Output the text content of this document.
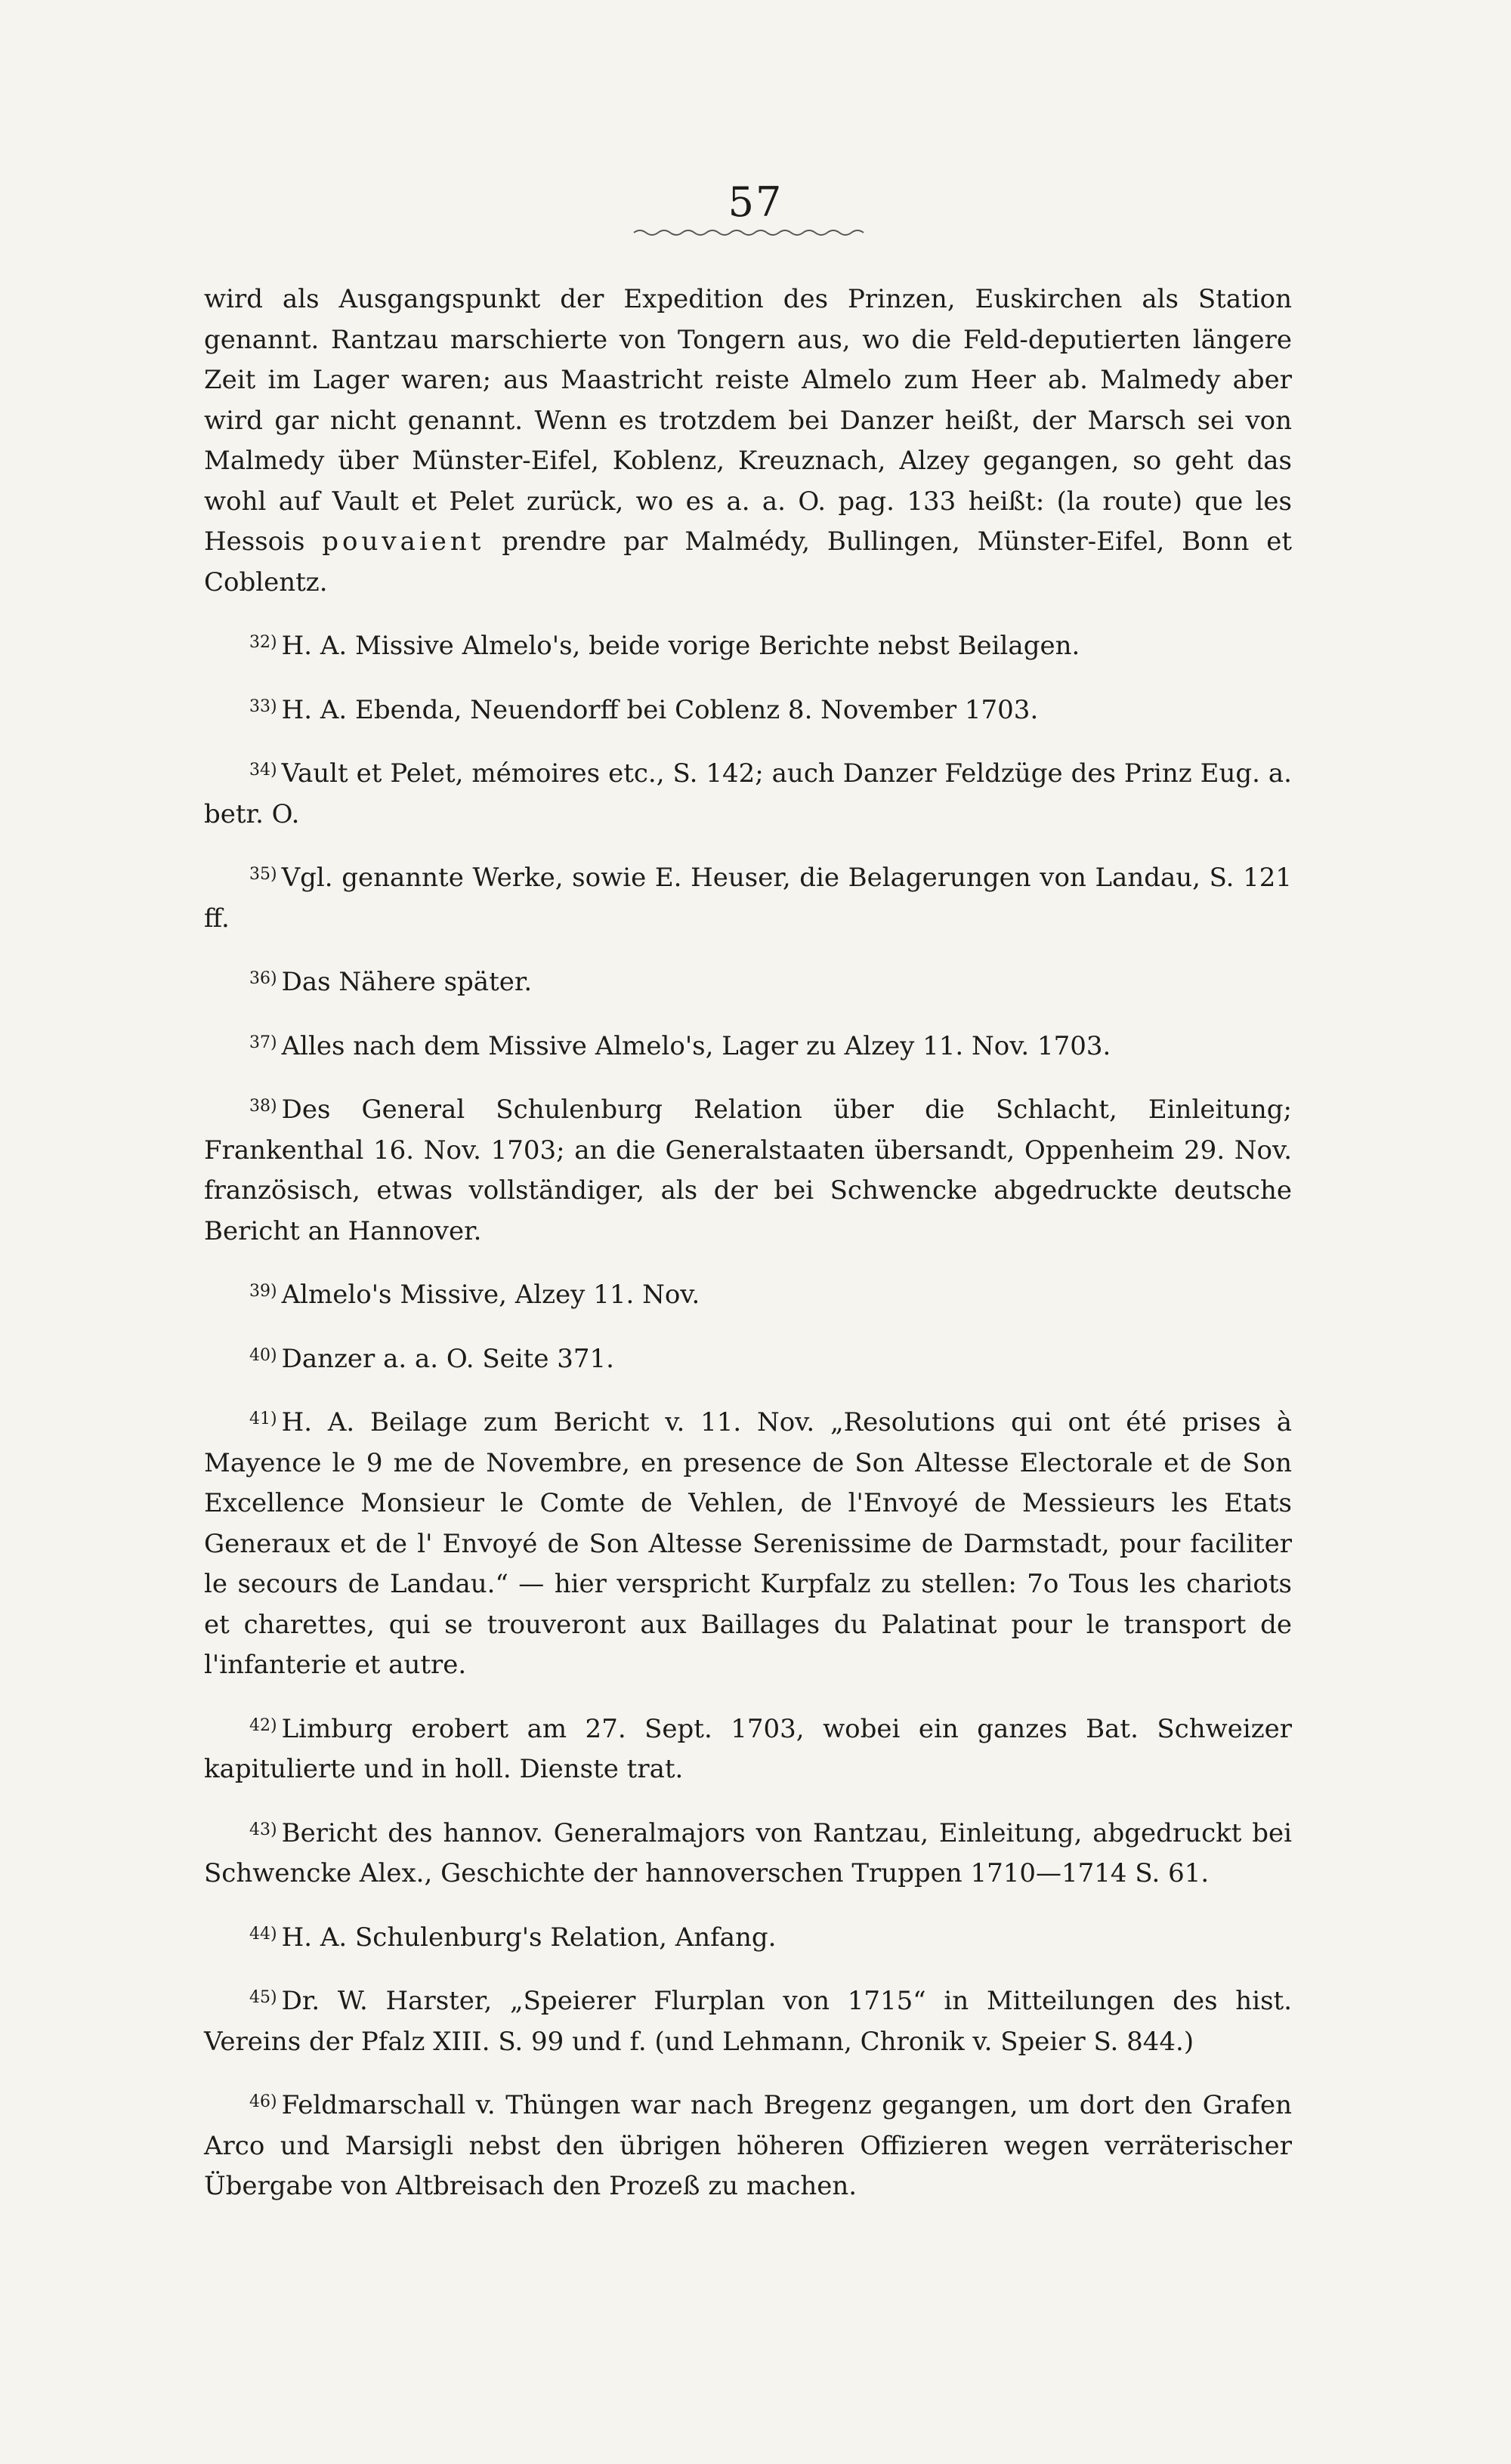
57

wird als Ausgangspunkt der Expedition des Prinzen, Euskirchen als Station genannt. Rantzau marschierte von Tongern aus, wo die Feld-deputierten längere Zeit im Lager waren; aus Maastricht reiste Almelo zum Heer ab. Malmedy aber wird gar nicht genannt. Wenn es trotzdem bei Danzer heißt, der Marsch sei von Malmedy über Münster-Eifel, Koblenz, Kreuznach, Alzey gegangen, so geht das wohl auf Vault et Pelet zurück, wo es a. a. O. pag. 133 heißt: (la route) que les Hessois pouvaient prendre par Malmédy, Bullingen, Münster-Eifel, Bonn et Coblentz.

$^{32)}$ H. A. Missive Almelo's, beide vorige Berichte nebst Beilagen.

$^{33)}$ H. A. Ebenda, Neuendorff bei Coblenz 8. November 1703.

$^{34)}$ Vault et Pelet, mémoires etc., S. 142; auch Danzer Feldzüge des Prinz Eug. a. betr. O.

$^{35)}$ Vgl. genannte Werke, sowie E. Heuser, die Belagerungen von Landau, S. 121 ff.

$^{36)}$ Das Nähere später.

$^{37)}$ Alles nach dem Missive Almelo's, Lager zu Alzey 11. Nov. 1703.

$^{38)}$ Des General Schulenburg Relation über die Schlacht, Einleitung; Frankenthal 16. Nov. 1703; an die Generalstaaten übersandt, Oppenheim 29. Nov. französisch, etwas vollständiger, als der bei Schwencke abgedruckte deutsche Bericht an Hannover.

$^{39)}$ Almelo's Missive, Alzey 11. Nov.

$^{40)}$ Danzer a. a. O. Seite 371.

$^{41)}$ H. A. Beilage zum Bericht v. 11. Nov. „Resolutions qui ont été prises à Mayence le 9 me de Novembre, en presence de Son Altesse Electorale et de Son Excellence Monsieur le Comte de Vehlen, de l'Envoyé de Messieurs les Etats Generaux et de l' Envoyé de Son Altesse Serenissime de Darmstadt, pour faciliter le secours de Landau.“ — hier verspricht Kurpfalz zu stellen: 7o Tous les chariots et charettes, qui se trouveront aux Baillages du Palatinat pour le transport de l'infanterie et autre.

$^{42)}$ Limburg erobert am 27. Sept. 1703, wobei ein ganzes Bat. Schweizer kapitulierte und in holl. Dienste trat.

$^{43)}$ Bericht des hannov. Generalmajors von Rantzau, Einleitung, abgedruckt bei Schwencke Alex., Geschichte der hannoverschen Truppen 1710—1714 S. 61.

$^{44)}$ H. A. Schulenburg's Relation, Anfang.

$^{45)}$ Dr. W. Harster, „Speierer Flurplan von 1715“ in Mitteilungen des hist. Vereins der Pfalz XIII. S. 99 und f. (und Lehmann, Chronik v. Speier S. 844.)

$^{46)}$ Feldmarschall v. Thüngen war nach Bregenz gegangen, um dort den Grafen Arco und Marsigli nebst den übrigen höheren Offizieren wegen verräterischer Übergabe von Altbreisach den Prozeß zu machen.
